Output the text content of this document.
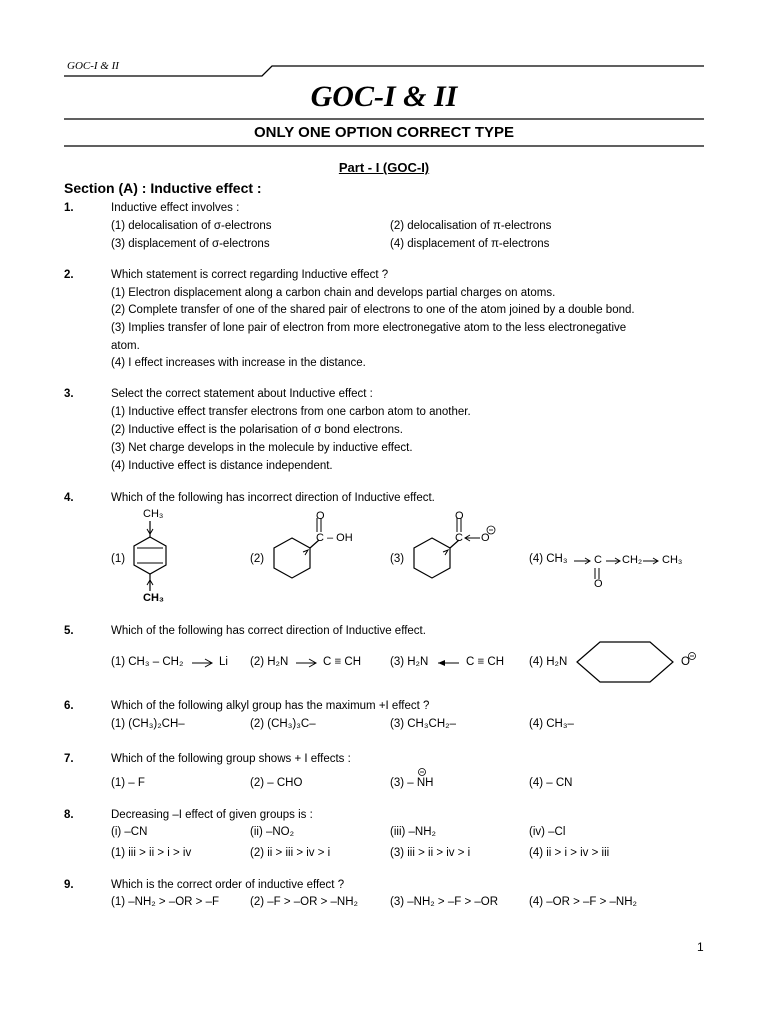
GOC-I & II
GOC-I & II
ONLY ONE OPTION CORRECT TYPE
Part - I (GOC-I)
Section (A) : Inductive effect :
1.	Inductive effect involves :
(1) delocalisation of σ-electrons	(2) delocalisation of π-electrons
(3) displacement of σ-electrons	(4) displacement of π-electrons
2.	Which statement is correct regarding Inductive effect ?
(1) Electron displacement along a carbon chain and develops partial charges on atoms.
(2) Complete transfer of one of the shared pair of electrons to one of the atom joined by a double bond.
(3) Implies transfer of lone pair of electron from more electronegative atom to the less electronegative
atom.
(4) I effect increases with increase in the distance.
3.	Select the correct statement about Inductive effect :
(1) Inductive effect transfer electrons from one carbon atom to another.
(2) Inductive effect is the polarisation of σ bond electrons.
(3) Net charge develops in the molecule by inductive effect.
(4) Inductive effect is distance independent.
4.	Which of the following has incorrect direction of Inductive effect.
(1)	(2)	(3)	(4) CH₃
CH₃
CH₃
O
C – OH
O
C O
C CH₂ CH₃
O
5.	Which of the following has correct direction of Inductive effect.
(1) CH₃ – CH₂	Li (2) H₂N	C ≡ CH	(3) H₂N	C ≡ CH (4) H₂N	O
6.	Which of the following alkyl group has the maximum +I effect ?
(1) (CH₃)₂CH–	(2) (CH₃)₃C–	(3) CH₃CH₂–	(4) CH₃–
7.	Which of the following group shows + I effects :
(1) – F	(2) – CHO	(3) – NH	(4) – CN
8.	Decreasing –I effect of given groups is :
(i) –CN	(ii) –NO₂	(iii) –NH₂	(iv) –Cl
(1) iii > ii > i > iv	(2) ii > iii > iv > i	(3) iii > ii > iv > i	(4) ii > i > iv > iii
9.	Which is the correct order of inductive effect ?
(1) –NH₂ > –OR > –F	(2) –F > –OR > –NH₂	(3) –NH₂ > –F > –OR	(4) –OR > –F > –NH₂
1
